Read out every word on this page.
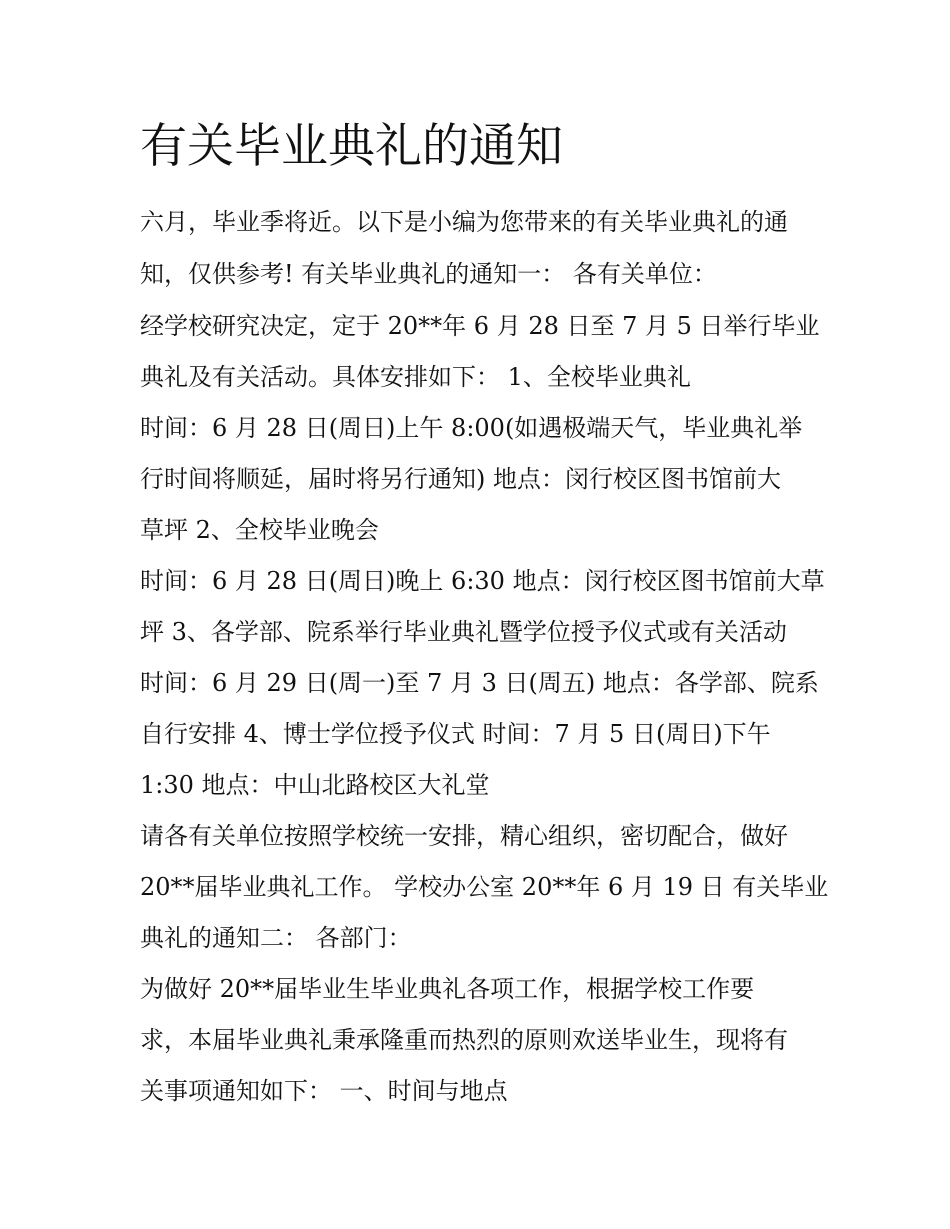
有关毕业典礼的通知

六月，毕业季将近。以下是小编为您带来的有关毕业典礼的通

知，仅供参考! 有关毕业典礼的通知一： 各有关单位：

经学校研究决定，定于 20**年 6 月 28 日至 7 月 5 日举行毕业

典礼及有关活动。具体安排如下： 1、全校毕业典礼

时间：6 月 28 日(周日)上午 8:00(如遇极端天气，毕业典礼举

行时间将顺延，届时将另行通知) 地点：闵行校区图书馆前大

草坪 2、全校毕业晚会

时间：6 月 28 日(周日)晚上 6:30 地点：闵行校区图书馆前大草

坪 3、各学部、院系举行毕业典礼暨学位授予仪式或有关活动

时间：6 月 29 日(周一)至 7 月 3 日(周五) 地点：各学部、院系

自行安排 4、博士学位授予仪式 时间：7 月 5 日(周日)下午

1:30 地点：中山北路校区大礼堂

请各有关单位按照学校统一安排，精心组织，密切配合，做好

20**届毕业典礼工作。 学校办公室 20**年 6 月 19 日 有关毕业

典礼的通知二： 各部门：

为做好 20**届毕业生毕业典礼各项工作，根据学校工作要

求，本届毕业典礼秉承隆重而热烈的原则欢送毕业生，现将有

关事项通知如下： 一、时间与地点
